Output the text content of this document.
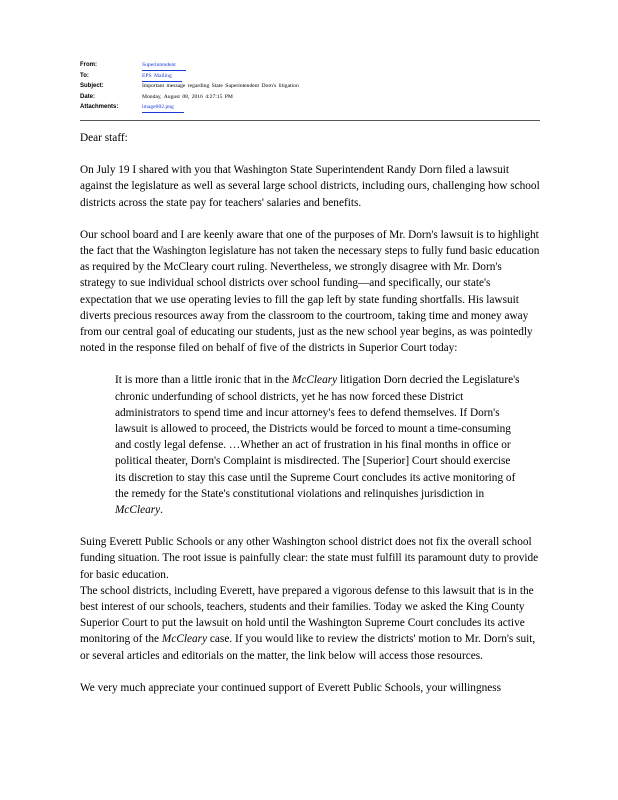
From:	Superintendent
To:	EPS Mailing
Subject:	Important message regarding State Superintendent Dorn's litigation
Date:	Monday, August 08, 2016 4:27:15 PM
Attachments:	image002.png

Dear staff:

On July 19 I shared with you that Washington State Superintendent Randy Dorn filed a lawsuit against the legislature as well as several large school districts, including ours, challenging how school districts across the state pay for teachers' salaries and benefits.

Our school board and I are keenly aware that one of the purposes of Mr. Dorn's lawsuit is to highlight the fact that the Washington legislature has not taken the necessary steps to fully fund basic education as required by the McCleary court ruling. Nevertheless, we strongly disagree with Mr. Dorn's strategy to sue individual school districts over school funding—and specifically, our state's expectation that we use operating levies to fill the gap left by state funding shortfalls. His lawsuit diverts precious resources away from the classroom to the courtroom, taking time and money away from our central goal of educating our students, just as the new school year begins, as was pointedly noted in the response filed on behalf of five of the districts in Superior Court today:

It is more than a little ironic that in the McCleary litigation Dorn decried the Legislature's chronic underfunding of school districts, yet he has now forced these District administrators to spend time and incur attorney's fees to defend themselves. If Dorn's lawsuit is allowed to proceed, the Districts would be forced to mount a time-consuming and costly legal defense. …Whether an act of frustration in his final months in office or political theater, Dorn's Complaint is misdirected. The [Superior] Court should exercise its discretion to stay this case until the Supreme Court concludes its active monitoring of the remedy for the State's constitutional violations and relinquishes jurisdiction in McCleary.

Suing Everett Public Schools or any other Washington school district does not fix the overall school funding situation. The root issue is painfully clear: the state must fulfill its paramount duty to provide for basic education.

The school districts, including Everett, have prepared a vigorous defense to this lawsuit that is in the best interest of our schools, teachers, students and their families. Today we asked the King County Superior Court to put the lawsuit on hold until the Washington Supreme Court concludes its active monitoring of the McCleary case. If you would like to review the districts' motion to Mr. Dorn's suit, or several articles and editorials on the matter, the link below will access those resources.

We very much appreciate your continued support of Everett Public Schools, your willingness
